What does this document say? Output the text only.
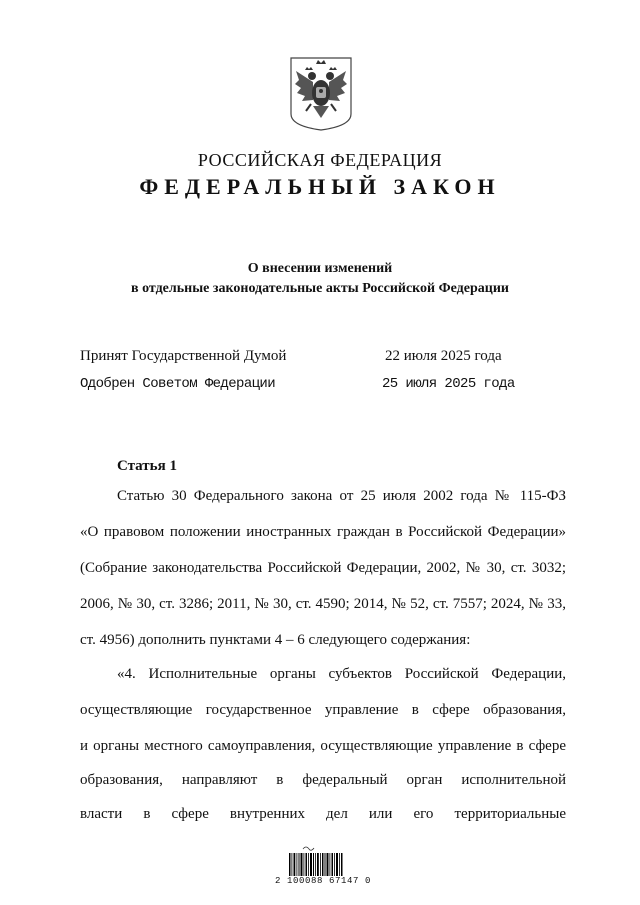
РОССИЙСКАЯ ФЕДЕРАЦИЯ
ФЕДЕРАЛЬНЫЙ ЗАКОН
О внесении изменений
в отдельные законодательные акты Российской Федерации
Принят Государственной Думой	22 июля 2025 года
Одобрен Советом Федерации	25 июля 2025 года
Статья 1
Статью 30 Федерального закона от 25 июля 2002 года № 115-ФЗ
«О правовом положении иностранных граждан в Российской Федерации»
(Собрание законодательства Российской Федерации, 2002, № 30, ст. 3032;
2006, № 30, ст. 3286; 2011, № 30, ст. 4590; 2014, № 52, ст. 7557; 2024, № 33,
ст. 4956) дополнить пунктами 4 – 6 следующего содержания:
«4. Исполнительные органы субъектов Российской Федерации,
осуществляющие государственное управление в сфере образования,
и органы местного самоуправления, осуществляющие управление в сфере
образования, направляют в федеральный орган исполнительной
власти в сфере внутренних дел или его территориальные
2 100088 67147 0
